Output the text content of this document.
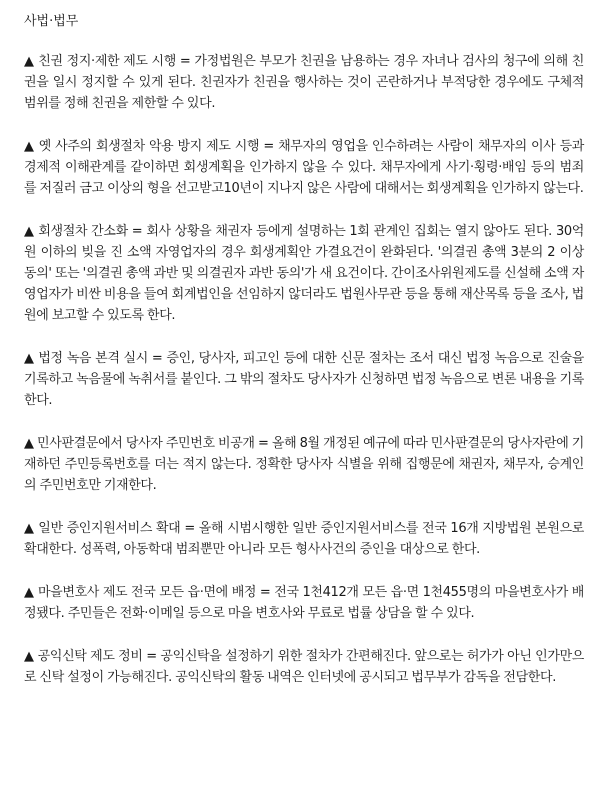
사법·법무

▲ 친권 정지·제한 제도 시행 = 가정법원은 부모가 친권을 남용하는 경우 자녀나 검사의 청구에 의해 친권을 일시 정지할 수 있게 된다. 친권자가 친권을 행사하는 것이 곤란하거나 부적당한 경우에도 구체적 범위를 정해 친권을 제한할 수 있다.

▲ 옛 사주의 회생절차 악용 방지 제도 시행 = 채무자의 영업을 인수하려는 사람이 채무자의 이사 등과 경제적 이해관계를 같이하면 회생계획을 인가하지 않을 수 있다. 채무자에게 사기·횡령·배임 등의 범죄를 저질러 금고 이상의 형을 선고받고10년이 지나지 않은 사람에 대해서는 회생계획을 인가하지 않는다.

▲ 회생절차 간소화 = 회사 상황을 채권자 등에게 설명하는 1회 관계인 집회는 열지 않아도 된다. 30억원 이하의 빚을 진 소액 자영업자의 경우 회생계획안 가결요건이 완화된다. '의결권 총액 3분의 2 이상 동의' 또는 '의결권 총액 과반 및 의결권자 과반 동의'가 새 요건이다. 간이조사위원제도를 신설해 소액 자영업자가 비싼 비용을 들여 회계법인을 선임하지 않더라도 법원사무관 등을 통해 재산목록 등을 조사, 법원에 보고할 수 있도록 한다.

▲ 법정 녹음 본격 실시 = 증인, 당사자, 피고인 등에 대한 신문 절차는 조서 대신 법정 녹음으로 진술을 기록하고 녹음물에 녹취서를 붙인다. 그 밖의 절차도 당사자가 신청하면 법정 녹음으로 변론 내용을 기록한다.

▲ 민사판결문에서 당사자 주민번호 비공개 = 올해 8월 개정된 예규에 따라 민사판결문의 당사자란에 기재하던 주민등록번호를 더는 적지 않는다. 정확한 당사자 식별을 위해 집행문에 채권자, 채무자, 승계인의 주민번호만 기재한다.

▲ 일반 증인지원서비스 확대 = 올해 시범시행한 일반 증인지원서비스를 전국 16개 지방법원 본원으로 확대한다. 성폭력, 아동학대 범죄뿐만 아니라 모든 형사사건의 증인을 대상으로 한다.

▲ 마을변호사 제도 전국 모든 읍·면에 배정 = 전국 1천412개 모든 읍·면 1천455명의 마을변호사가 배정됐다. 주민들은 전화·이메일 등으로 마을 변호사와 무료로 법률 상담을 할 수 있다.

▲ 공익신탁 제도 정비 = 공익신탁을 설정하기 위한 절차가 간편해진다. 앞으로는 허가가 아닌 인가만으로 신탁 설정이 가능해진다. 공익신탁의 활동 내역은 인터넷에 공시되고 법무부가 감독을 전담한다.
